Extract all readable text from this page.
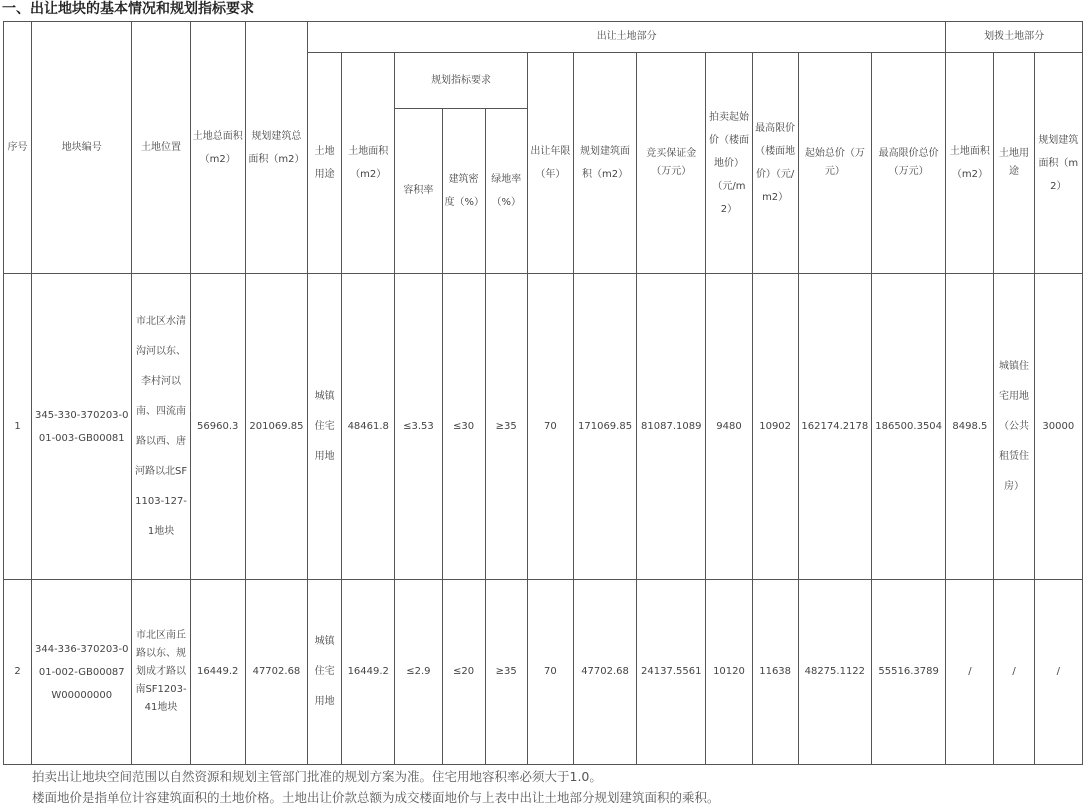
一、出让地块的基本情况和规划指标要求
序号	地块编号	土地位置	土地总面积（m2）	规划建筑总面积（m2）	出让土地部分												划拨土地部分		
					土地用途	土地面积（m2）	规划指标要求			出让年限（年）	规划建筑面积（m2）	竞买保证金（万元）	拍卖起始价（楼面地价）（元/m2）	最高限价（楼面地价）（元/m2）	起始总价（万元）	最高限价总价（万元）	土地面积（m2）	土地用途	规划建筑面积（m2）
							容积率	建筑密度（%）	绿地率（%）										
1	345-330-370203-001-003-GB00081	市北区水清沟河以东、李村河以南、四流南路以西、唐河路以北SF1103-127-1地块	56960.3	201069.85	城镇住宅用地	48461.8	≤3.53	≤30	≥35	70	171069.85	81087.1089	9480	10902	162174.2178	186500.3504	8498.5	城镇住宅用地（公共租赁住房）	30000
2	344-336-370203-001-002-GB00087W00000000	市北区南丘路以东、规划成才路以南SF1203-41地块	16449.2	47702.68	城镇住宅用地	16449.2	≤2.9	≤20	≥35	70	47702.68	24137.5561	10120	11638	48275.1122	55516.3789	/	/	/
拍卖出让地块空间范围以自然资源和规划主管部门批准的规划方案为准。住宅用地容积率必须大于1.0。
楼面地价是指单位计容建筑面积的土地价格。土地出让价款总额为成交楼面地价与上表中出让土地部分规划建筑面积的乘积。
